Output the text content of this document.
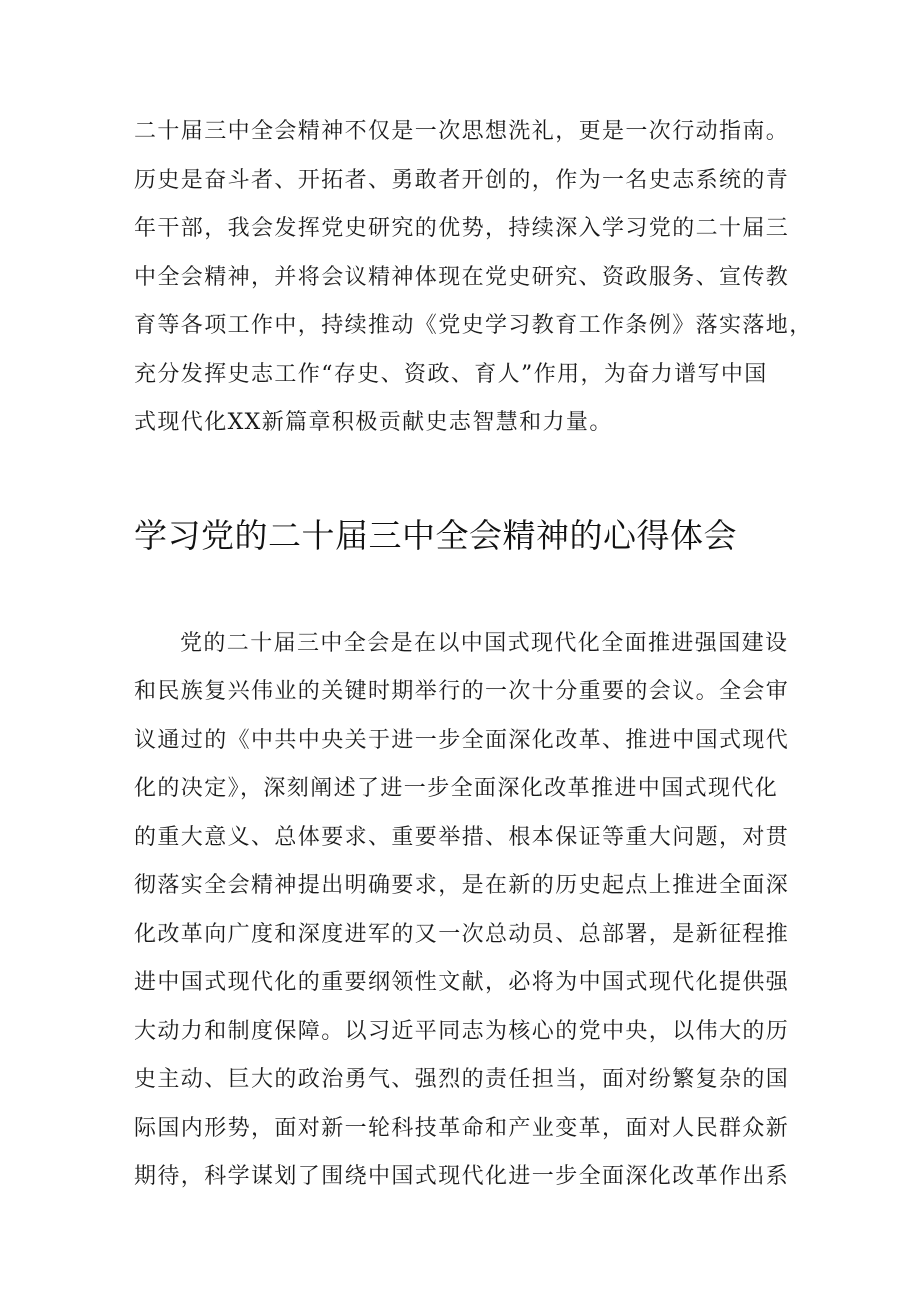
二十届三中全会精神不仅是一次思想洗礼，更是一次行动指南。
历史是奋斗者、开拓者、勇敢者开创的，作为一名史志系统的青
年干部，我会发挥党史研究的优势，持续深入学习党的二十届三
中全会精神，并将会议精神体现在党史研究、资政服务、宣传教
育等各项工作中，持续推动《党史学习教育工作条例》落实落地，
充分发挥史志工作“存史、资政、育人”作用，为奋力谱写中国
式现代化XX新篇章积极贡献史志智慧和力量。
学习党的二十届三中全会精神的心得体会
党的二十届三中全会是在以中国式现代化全面推进强国建设
和民族复兴伟业的关键时期举行的一次十分重要的会议。全会审
议通过的《中共中央关于进一步全面深化改革、推进中国式现代
化的决定》，深刻阐述了进一步全面深化改革推进中国式现代化
的重大意义、总体要求、重要举措、根本保证等重大问题，对贯
彻落实全会精神提出明确要求，是在新的历史起点上推进全面深
化改革向广度和深度进军的又一次总动员、总部署，是新征程推
进中国式现代化的重要纲领性文献，必将为中国式现代化提供强
大动力和制度保障。以习近平同志为核心的党中央，以伟大的历
史主动、巨大的政治勇气、强烈的责任担当，面对纷繁复杂的国
际国内形势，面对新一轮科技革命和产业变革，面对人民群众新
期待，科学谋划了围绕中国式现代化进一步全面深化改革作出系
